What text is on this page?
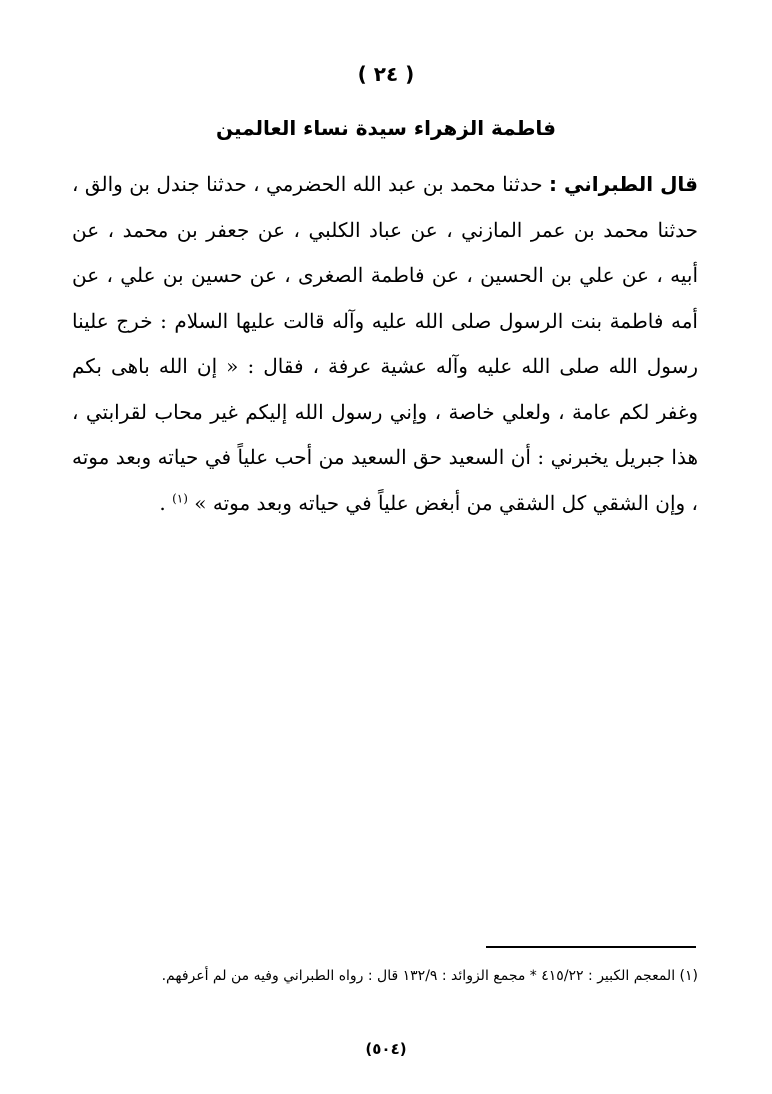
( ٢٤ )
فاطمة الزهراء سيدة نساء العالمين
قال الطبراني : حدثنا محمد بن عبد الله الحضرمي ، حدثنا جندل بن والق ، حدثنا محمد بن عمر المازني ، عن عباد الكلبي ، عن جعفر بن محمد ، عن أبيه ، عن علي بن الحسين ، عن فاطمة الصغرى ، عن حسين بن علي ، عن أمه فاطمة بنت الرسول صلى الله عليه وآله قالت عليها السلام : خرج علينا رسول الله صلى الله عليه وآله عشية عرفة ، فقال : « إن الله باهى بكم وغفر لكم عامة ، ولعلي خاصة ، وإني رسول الله إليكم غير محاب لقرابتي ، هذا جبريل يخبرني : أن السعيد حق السعيد من أحب علياً في حياته وبعد موته ، وإن الشقي كل الشقي من أبغض علياً في حياته وبعد موته » $^{(١)}$ .
(١) المعجم الكبير : ٤١٥/٢٢ * مجمع الزوائد : ١٣٢/٩ قال : رواه الطبراني وفيه من لم أعرفهم.
(٥٠٤)
